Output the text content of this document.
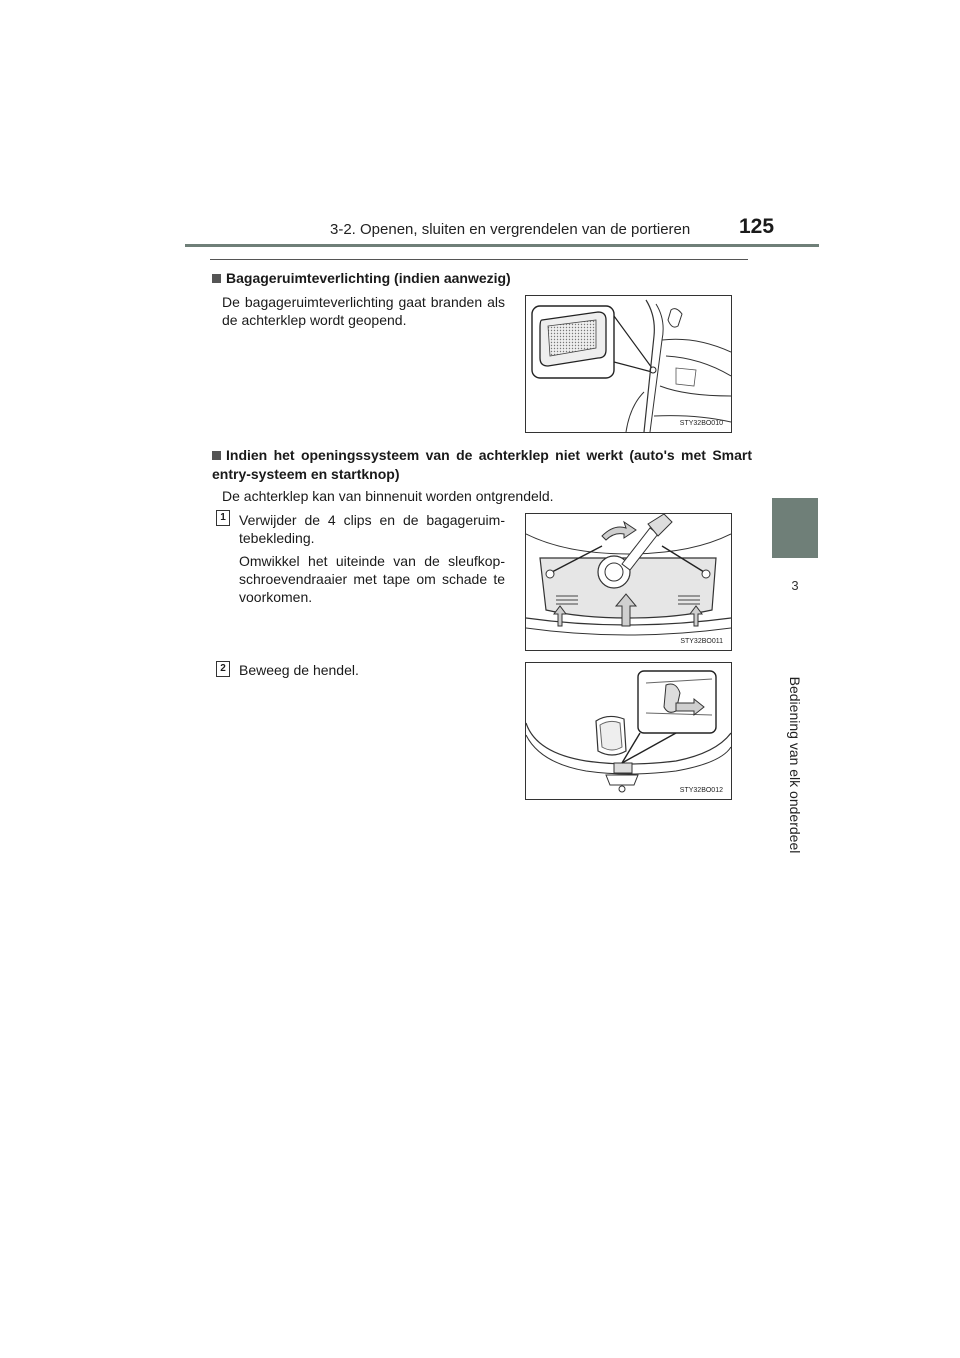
3-2. Openen, sluiten en vergrendelen van de portieren 125
3
Bediening van elk onderdeel
Bagageruimteverlichting (indien aanwezig)
De bagageruimteverlichting gaat branden als de achterklep wordt geopend.
STY32BO010
Indien het openingssysteem van de achterklep niet werkt (auto's met Smart entry-systeem en startknop)
De achterklep kan van binnenuit worden ontgrendeld.
1 Verwijder de 4 clips en de bagageruim-tebekleding.
Omwikkel het uiteinde van de sleufkop-schroevendraaier met tape om schade te voorkomen.
STY32BO011
2 Beweeg de hendel.
STY32BO012
